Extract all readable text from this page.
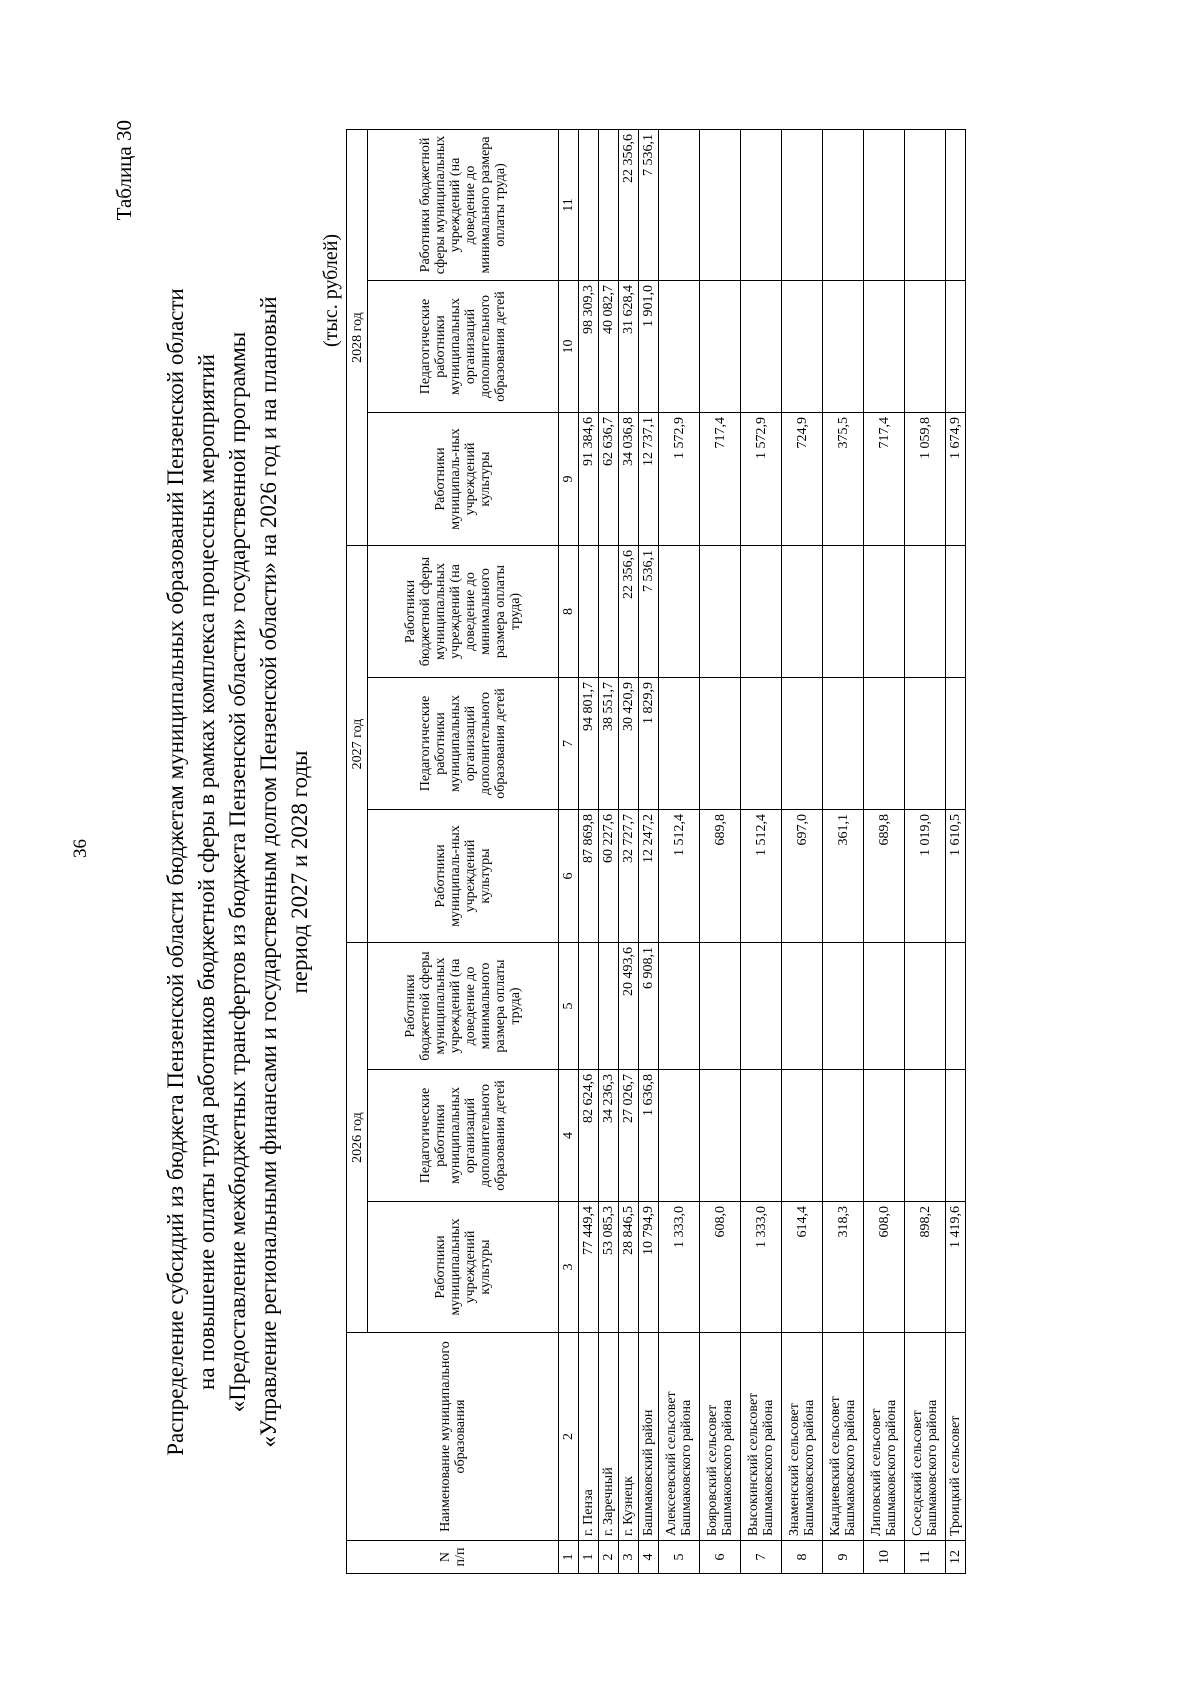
36
Таблица 30
Распределение субсидий из бюджета Пензенской области бюджетам муниципальных образований Пензенской области на повышение оплаты труда работников бюджетной сферы в рамках комплекса процессных мероприятий «Предоставление межбюджетных трансфертов из бюджета Пензенской области» государственной программы «Управление региональными финансами и государственным долгом Пензенской области» на 2026 год и на плановый период 2027 и 2028 годы
(тыс. рублей)
N п/п	Наименование муниципального образования	2026 год			2027 год			2028 год		
		Работники муниципальных учреждений культуры	Педагогические работники муниципальных организаций дополнительного образования детей	Работники бюджетной сферы муниципальных учреждений (на доведение до минимального размера оплаты труда)	Работники муниципаль-ных учреждений культуры	Педагогические работники муниципальных организаций дополнительного образования детей	Работники бюджетной сферы муниципальных учреждений (на доведение до минимального размера оплаты труда)	Работники муниципаль-ных учреждений культуры	Педагогические работники муниципальных организаций дополнительного образования детей	Работники бюджетной сферы муниципальных учреждений (на доведение до минимального размера оплаты труда)
1	2	3	4	5	6	7	8	9	10	11
1	г. Пенза	77 449,4	82 624,6		87 869,8	94 801,7		91 384,6	98 309,3	
2	г. Заречный	53 085,3	34 236,3		60 227,6	38 551,7		62 636,7	40 082,7	
3	г. Кузнецк	28 846,5	27 026,7	20 493,6	32 727,7	30 420,9	22 356,6	34 036,8	31 628,4	22 356,6
4	Башмаковский район	10 794,9	1 636,8	6 908,1	12 247,2	1 829,9	7 536,1	12 737,1	1 901,0	7 536,1
5	Алексеевский сельсовет Башмаковского района	1 333,0			1 512,4			1 572,9		
6	Бояровский сельсовет Башмаковского района	608,0			689,8			717,4		
7	Высокинский сельсовет Башмаковского района	1 333,0			1 512,4			1 572,9		
8	Знаменский сельсовет Башмаковского района	614,4			697,0			724,9		
9	Кандиевский сельсовет Башмаковского района	318,3			361,1			375,5		
10	Липовский сельсовет Башмаковского района	608,0			689,8			717,4		
11	Соседский сельсовет Башмаковского района	898,2			1 019,0			1 059,8		
12	Троицкий сельсовет	1 419,6			1 610,5			1 674,9		
